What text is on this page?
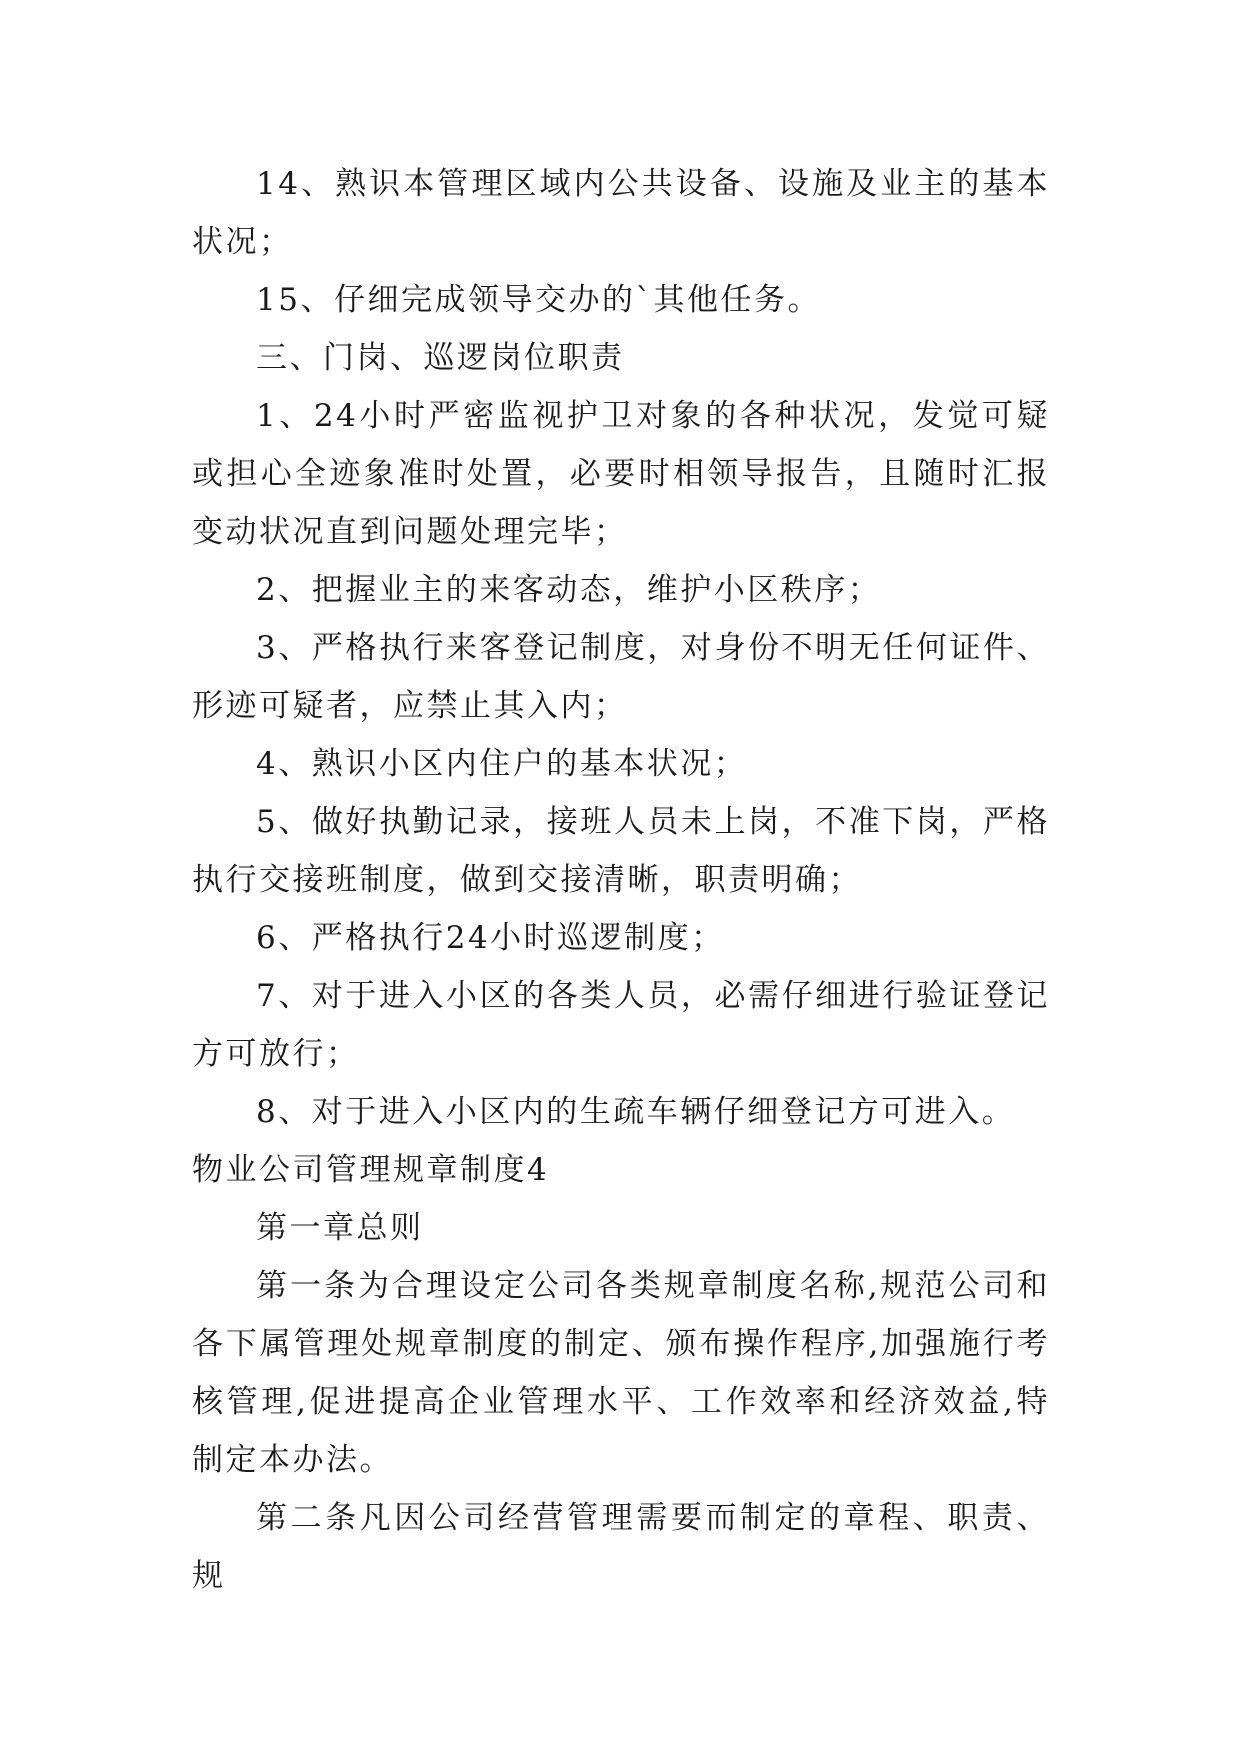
14、熟识本管理区域内公共设备、设施及业主的基本状况；

15、仔细完成领导交办的`其他任务。

三、门岗、巡逻岗位职责

1、24小时严密监视护卫对象的各种状况，发觉可疑或担心全迹象准时处置，必要时相领导报告，且随时汇报变动状况直到问题处理完毕；

2、把握业主的来客动态，维护小区秩序；

3、严格执行来客登记制度，对身份不明无任何证件、形迹可疑者，应禁止其入内；

4、熟识小区内住户的基本状况；

5、做好执勤记录，接班人员未上岗，不准下岗，严格执行交接班制度，做到交接清晰，职责明确；

6、严格执行24小时巡逻制度；

7、对于进入小区的各类人员，必需仔细进行验证登记方可放行；

8、对于进入小区内的生疏车辆仔细登记方可进入。

物业公司管理规章制度4

第一章总则

第一条为合理设定公司各类规章制度名称,规范公司和各下属管理处规章制度的制定、颁布操作程序,加强施行考核管理,促进提高企业管理水平、工作效率和经济效益,特制定本办法。

第二条凡因公司经营管理需要而制定的章程、职责、规
